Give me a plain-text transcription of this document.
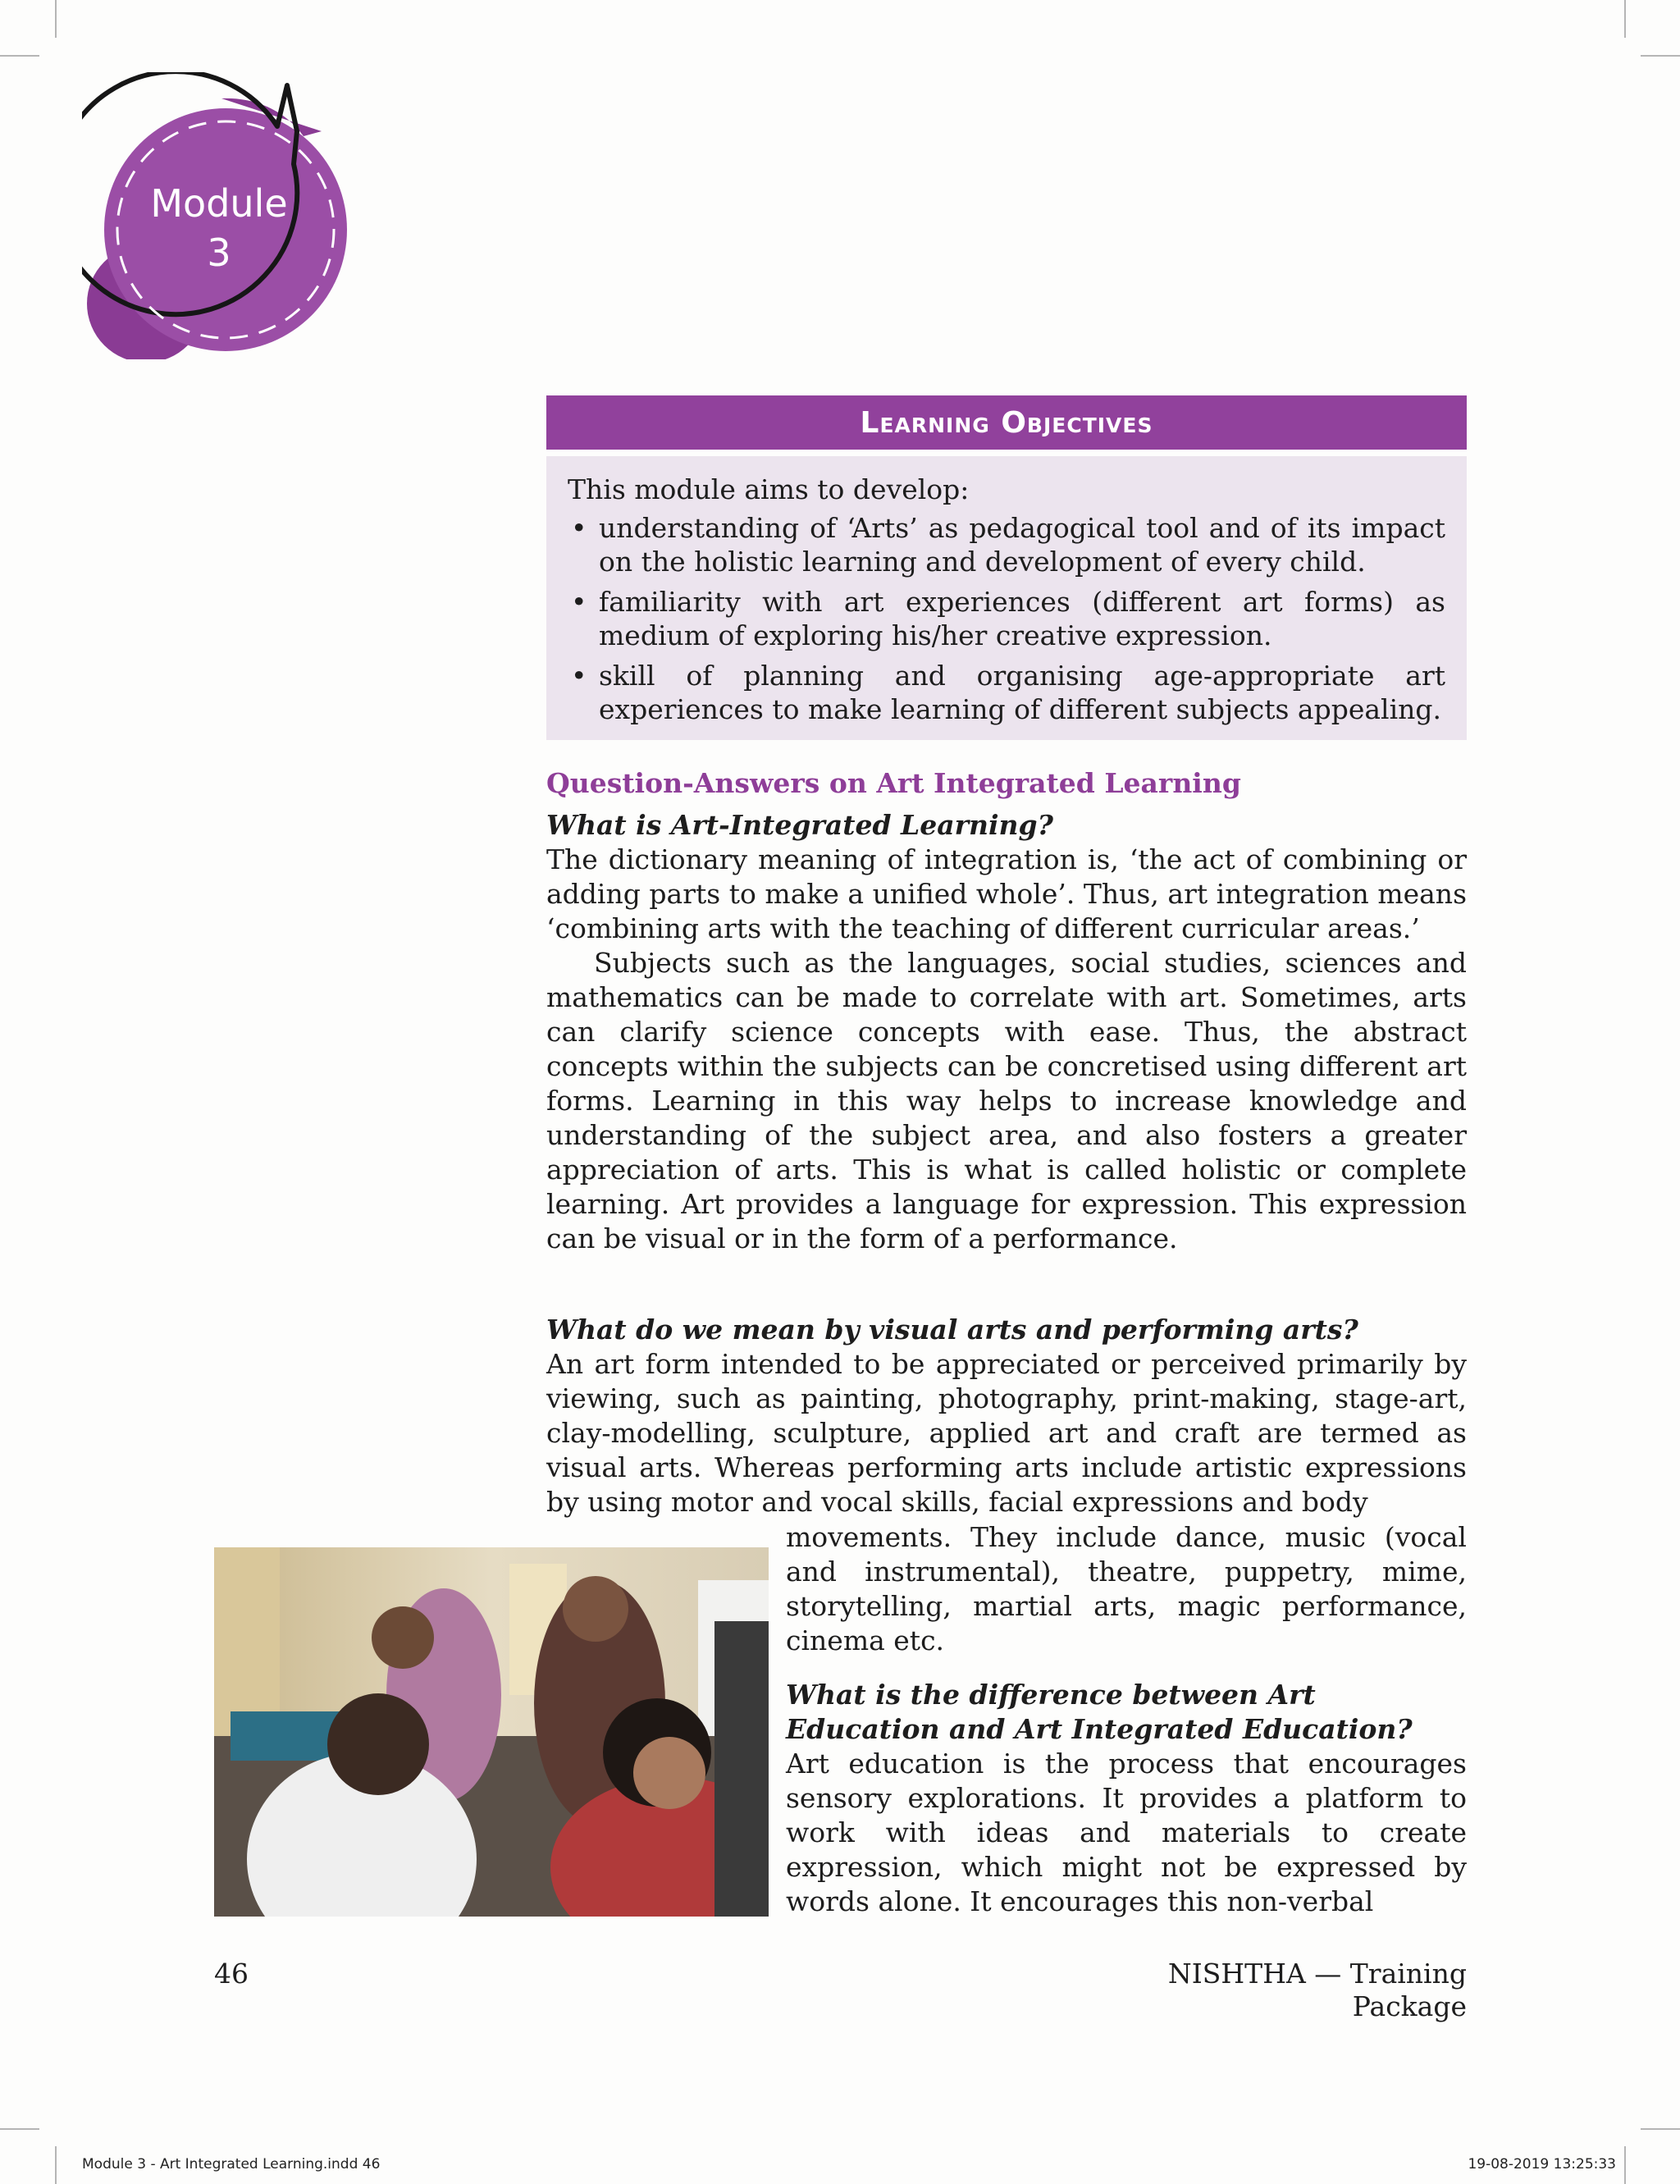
Module
3
Learning Objectives

This module aims to develop:

• understanding of ‘Arts’ as pedagogical tool and of its impact on the holistic learning and development of every child.
• familiarity with art experiences (different art forms) as medium of exploring his/her creative expression.
• skill of planning and organising age-appropriate art experiences to make learning of different subjects appealing.
Question-Answers on Art Integrated Learning

What is Art-Integrated Learning?

The dictionary meaning of integration is, ‘the act of combining or adding parts to make a unified whole’. Thus, art integration means ‘combining arts with the teaching of different curricular areas.’

Subjects such as the languages, social studies, sciences and mathematics can be made to correlate with art. Sometimes, arts can clarify science concepts with ease. Thus, the abstract concepts within the subjects can be concretised using different art forms. Learning in this way helps to increase knowledge and understanding of the subject area, and also fosters a greater appreciation of arts. This is what is called holistic or complete learning. Art provides a language for expression. This expression can be visual or in the form of a performance.

What do we mean by visual arts and performing arts?

An art form intended to be appreciated or perceived primarily by viewing, such as painting, photography, print-making, stage-art, clay-modelling, sculpture, applied art and craft are termed as visual arts. Whereas performing arts include artistic expressions by using motor and vocal skills, facial expressions and body

movements. They include dance, music (vocal and instrumental), theatre, puppetry, mime, storytelling, martial arts, magic performance, cinema etc.

What is the difference between Art Education and Art Integrated Education?

Art education is the process that encourages sensory explorations. It provides a platform to work with ideas and materials to create expression, which might not be expressed by words alone. It encourages this non-verbal

46	NISHTHA — Training Package
Module 3 - Art Integrated Learning.indd 46	19-08-2019 13:25:33
